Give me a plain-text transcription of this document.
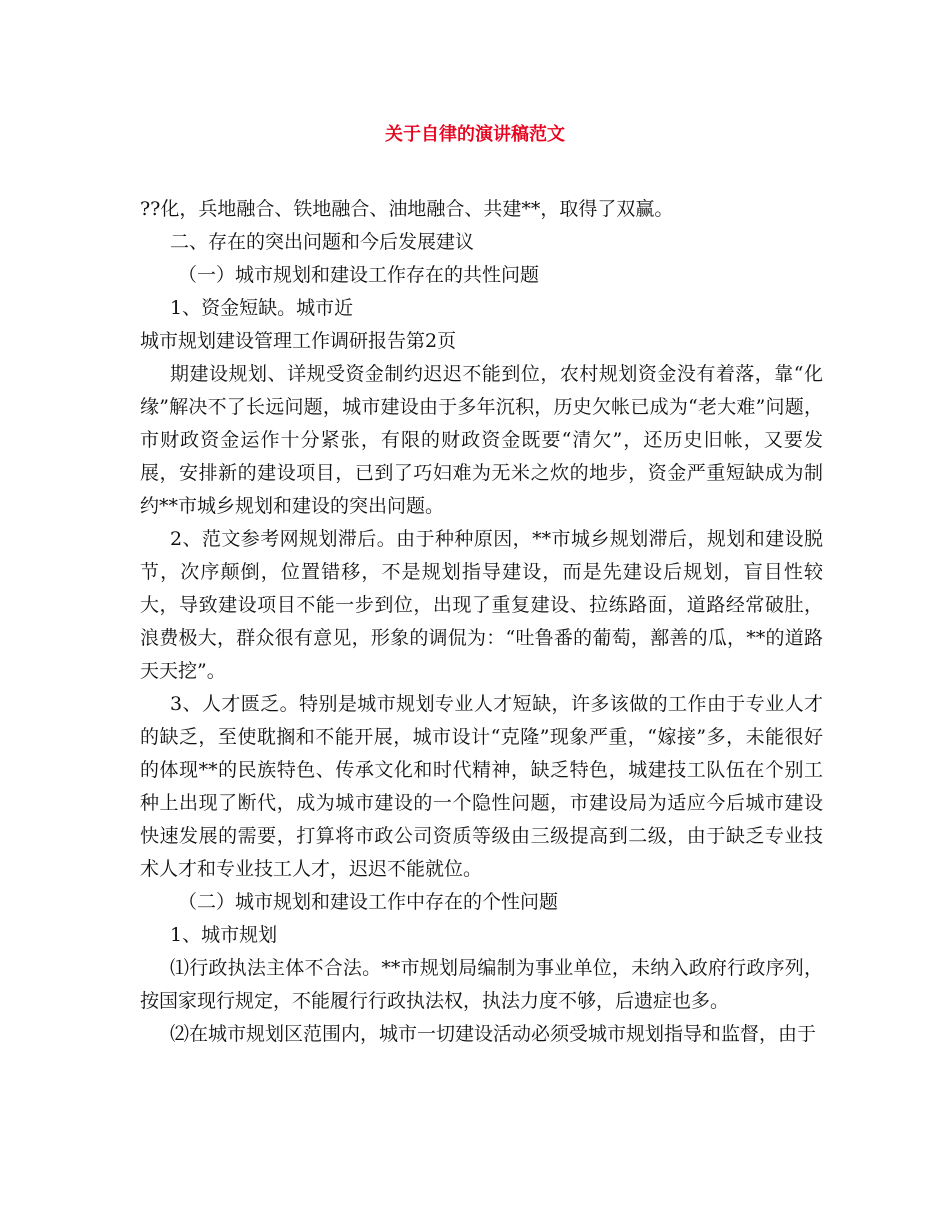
关于自律的演讲稿范文

??化，兵地融合、铁地融合、油地融合、共建**，取得了双赢。

二、存在的突出问题和今后发展建议

（一）城市规划和建设工作存在的共性问题

1、资金短缺。城市近

城市规划建设管理工作调研报告第2页

期建设规划、详规受资金制约迟迟不能到位，农村规划资金没有着落，靠“化缘”解决不了长远问题，城市建设由于多年沉积，历史欠帐已成为“老大难”问题，市财政资金运作十分紧张，有限的财政资金既要“清欠”，还历史旧帐，又要发展，安排新的建设项目，已到了巧妇难为无米之炊的地步，资金严重短缺成为制约**市城乡规划和建设的突出问题。

2、范文参考网规划滞后。由于种种原因，**市城乡规划滞后，规划和建设脱节，次序颠倒，位置错移，不是规划指导建设，而是先建设后规划，盲目性较大，导致建设项目不能一步到位，出现了重复建设、拉练路面，道路经常破肚，浪费极大，群众很有意见，形象的调侃为：“吐鲁番的葡萄，鄯善的瓜，**的道路天天挖”。

3、人才匮乏。特别是城市规划专业人才短缺，许多该做的工作由于专业人才的缺乏，至使耽搁和不能开展，城市设计“克隆”现象严重，“嫁接”多，未能很好的体现**的民族特色、传承文化和时代精神，缺乏特色，城建技工队伍在个别工种上出现了断代，成为城市建设的一个隐性问题，市建设局为适应今后城市建设快速发展的需要，打算将市政公司资质等级由三级提高到二级，由于缺乏专业技术人才和专业技工人才，迟迟不能就位。

（二）城市规划和建设工作中存在的个性问题

1、城市规划

⑴行政执法主体不合法。**市规划局编制为事业单位，未纳入政府行政序列，按国家现行规定，不能履行行政执法权，执法力度不够，后遗症也多。

⑵在城市规划区范围内，城市一切建设活动必须受城市规划指导和监督，由于
